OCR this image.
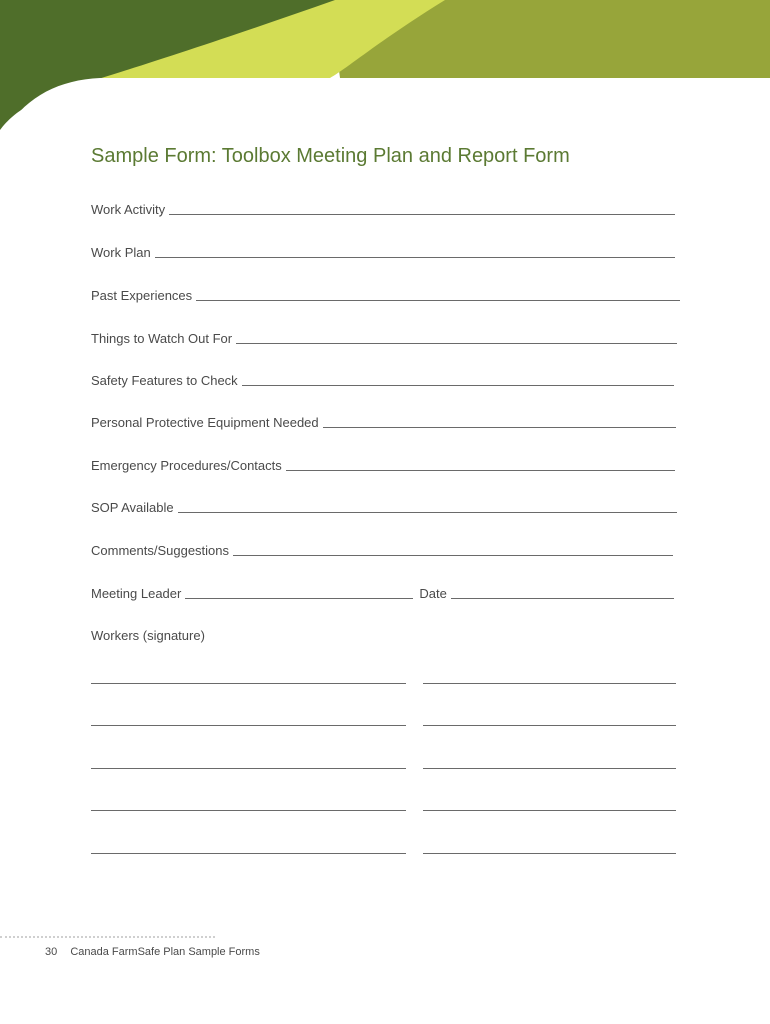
Sample Form: Toolbox Meeting Plan and Report Form
Work Activity
Work Plan
Past Experiences
Things to Watch Out For
Safety Features to Check
Personal Protective Equipment Needed
Emergency Procedures/Contacts
SOP Available
Comments/Suggestions
Meeting Leader	Date
Workers (signature)
30 Canada FarmSafe Plan Sample Forms
